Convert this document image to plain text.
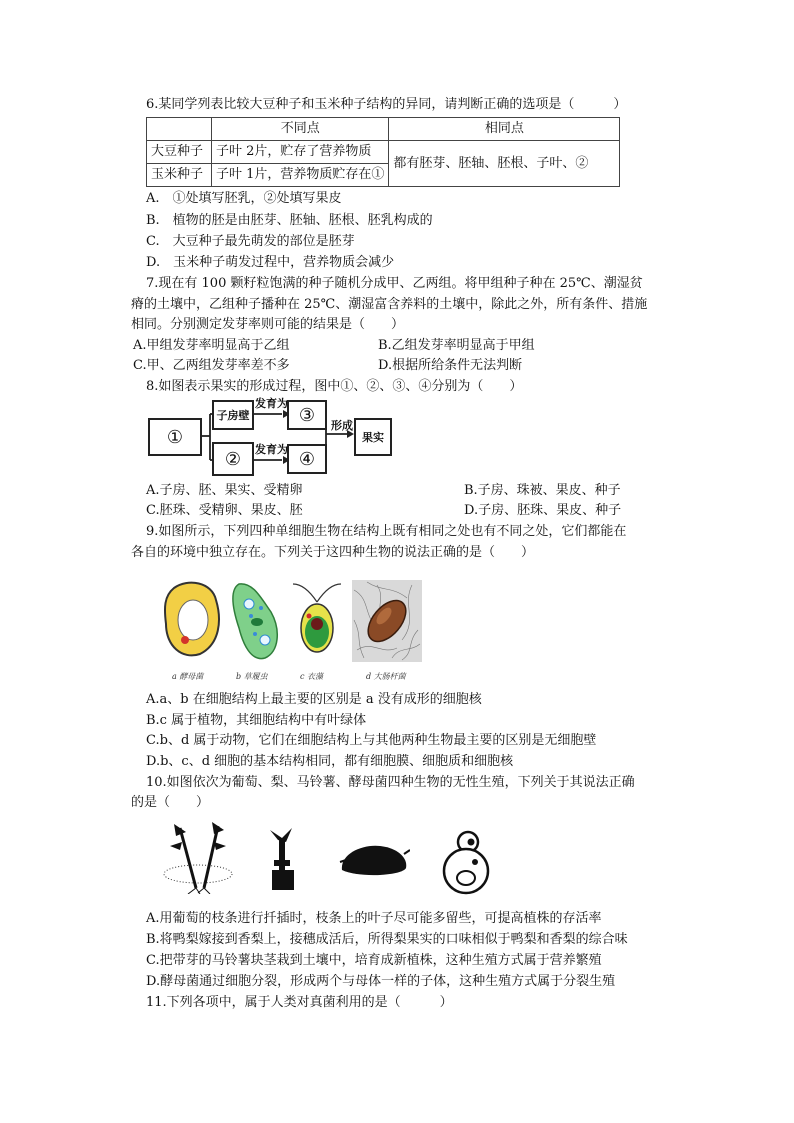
6.某同学列表比较大豆种子和玉米种子结构的异同，请判断正确的选项是（　　　）
	不同点	相同点
大豆种子	子叶 2片，贮存了营养物质	都有胚芽、胚轴、胚根、子叶、②
玉米种子	子叶 1片，营养物质贮存在①	
A.　①处填写胚乳，②处填写果皮
B.　植物的胚是由胚芽、胚轴、胚根、胚乳构成的
C.　大豆种子最先萌发的部位是胚芽
D.　玉米种子萌发过程中，营养物质会减少
7.现在有 100 颗籽粒饱满的种子随机分成甲、乙两组。将甲组种子种在 25℃、潮湿贫
瘠的土壤中，乙组种子播种在 25℃、潮湿富含养料的土壤中，除此之外，所有条件、措施
相同。分别测定发芽率则可能的结果是（　　）
A.甲组发芽率明显高于乙组	B.乙组发芽率明显高于甲组
C.甲、乙两组发芽率差不多	D.根据所给条件无法判断
8.如图表示果实的形成过程，图中①、②、③、④分别为（　　）
①
子房壁
②
③
④
果实
发育为
发育为
形成
A.子房、胚、果实、受精卵	B.子房、珠被、果皮、种子
C.胚珠、受精卵、果皮、胚	D.子房、胚珠、果皮、种子
9.如图所示，下列四种单细胞生物在结构上既有相同之处也有不同之处，它们都能在
各自的环境中独立存在。下列关于这四种生物的说法正确的是（　　）
a 酵母菌	b 草履虫	c 衣藻	d 大肠杆菌
A.a、b 在细胞结构上最主要的区别是 a 没有成形的细胞核
B.c 属于植物，其细胞结构中有叶绿体
C.b、d 属于动物，它们在细胞结构上与其他两种生物最主要的区别是无细胞壁
D.b、c、d 细胞的基本结构相同，都有细胞膜、细胞质和细胞核
10.如图依次为葡萄、梨、马铃薯、酵母菌四种生物的无性生殖，下列关于其说法正确
的是（　　）
A.用葡萄的枝条进行扦插时，枝条上的叶子尽可能多留些，可提高植株的存活率
B.将鸭梨嫁接到香梨上，接穗成活后，所得梨果实的口味相似于鸭梨和香梨的综合味
C.把带芽的马铃薯块茎栽到土壤中，培育成新植株，这种生殖方式属于营养繁殖
D.酵母菌通过细胞分裂，形成两个与母体一样的子体，这种生殖方式属于分裂生殖
11.下列各项中，属于人类对真菌利用的是（　　　）
